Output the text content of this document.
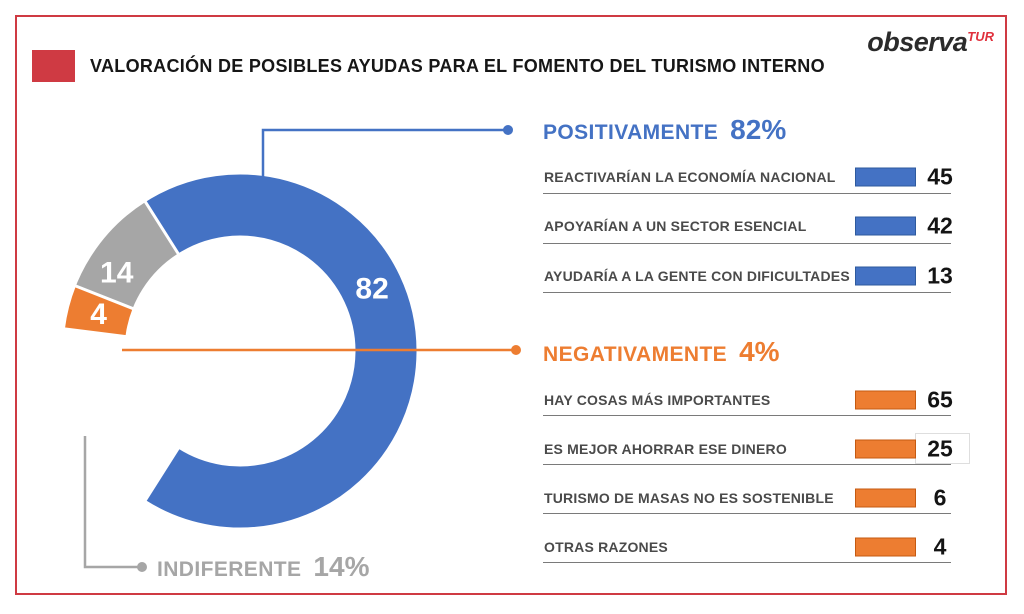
VALORACIÓN DE POSIBLES AYUDAS PARA EL FOMENTO DEL TURISMO INTERNO
observa$^{TUR}$
82
14
4
POSITIVAMENTE 82%
REACTIVARÍAN LA ECONOMÍA NACIONAL	45
APOYARÍAN A UN SECTOR ESENCIAL	42
AYUDARÍA A LA GENTE CON DIFICULTADES	13
NEGATIVAMENTE 4%
HAY COSAS MÁS IMPORTANTES	65
ES MEJOR AHORRAR ESE DINERO	25
TURISMO DE MASAS NO ES SOSTENIBLE	6
OTRAS RAZONES	4
INDIFERENTE 14%
